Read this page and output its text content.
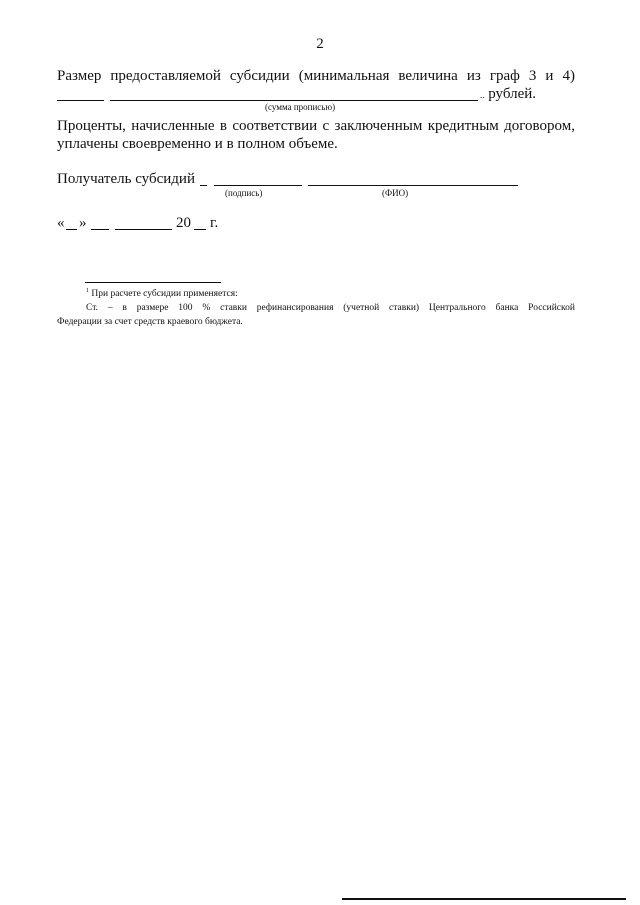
2
Размер предоставляемой субсидии (минимальная величина из граф 3 и 4)
.. рублей.
(сумма прописью)
Проценты, начисленные в соответствии с заключенным кредитным договором,
уплачены своевременно и в полном объеме.
Получатель субсидий
(подпись)	(ФИО)
« »	20 г.
$^1$ При расчете субсидии применяется:
Ст. – в размере 100 % ставки рефинансирования (учетной ставки) Центрального банка Российской
Федерации за счет средств краевого бюджета.
